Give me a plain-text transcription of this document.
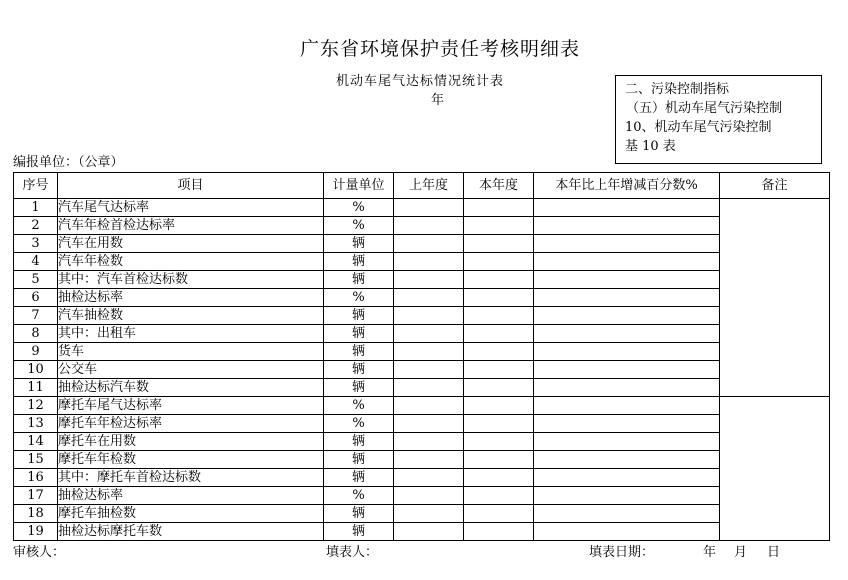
广东省环境保护责任考核明细表
机动车尾气达标情况统计表
年
二、污染控制指标
（五）机动车尾气污染控制
10、机动车尾气污染控制
基 10 表
编报单位：（公章）
序号	项目	计量单位	上年度	本年度	本年比上年增减百分数%	备注
1	汽车尾气达标率	%				
2	汽车年检首检达标率	%				
3	汽车在用数	辆				
4	汽车年检数	辆				
5	其中：汽车首检达标数	辆				
6	抽检达标率	%				
7	汽车抽检数	辆				
8	其中：出租车	辆				
9	货车	辆				
10	公交车	辆				
11	抽检达标汽车数	辆				
12	摩托车尾气达标率	%				
13	摩托车年检达标率	%				
14	摩托车在用数	辆				
15	摩托车年检数	辆				
16	其中：摩托车首检达标数	辆				
17	抽检达标率	%				
18	摩托车抽检数	辆				
19	抽检达标摩托车数	辆				
审核人：	填表人：	填表日期：	年 月 日
